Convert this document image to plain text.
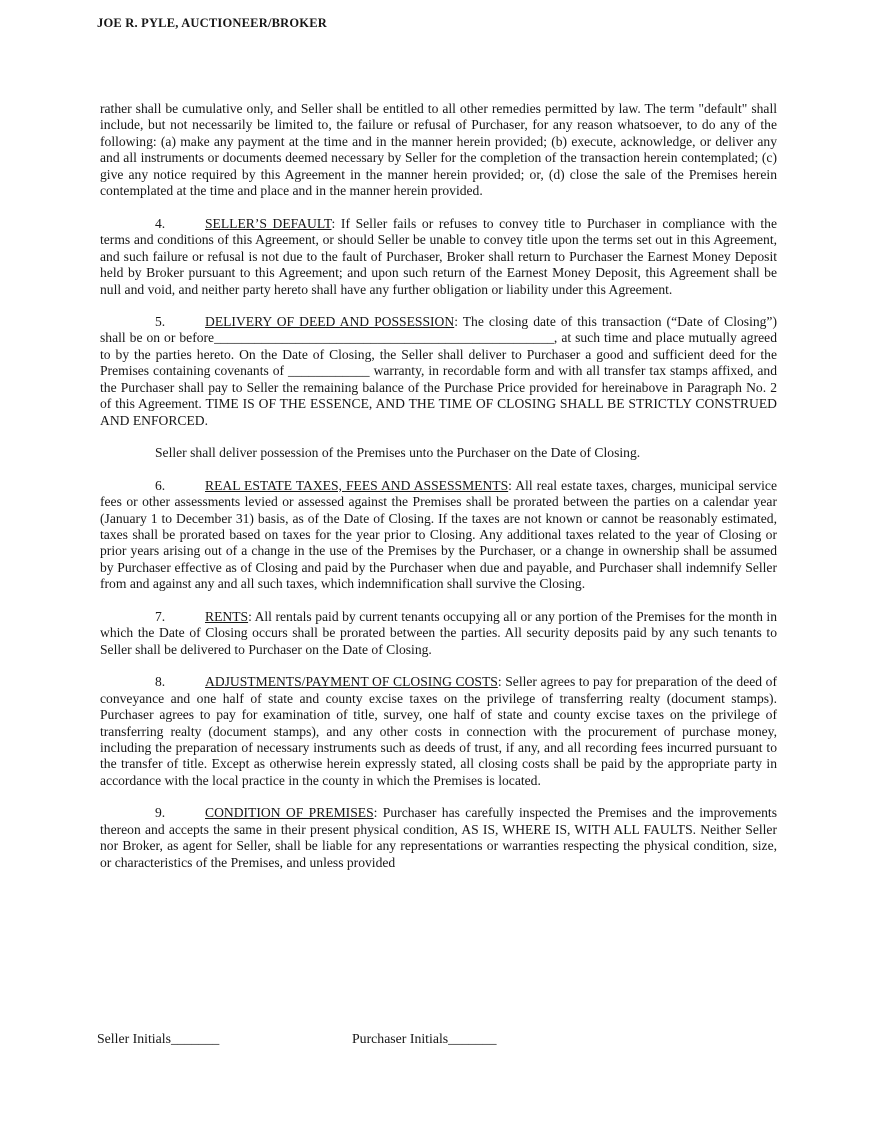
JOE R. PYLE, AUCTIONEER/BROKER

rather shall be cumulative only, and Seller shall be entitled to all other remedies permitted by law. The term "default" shall include, but not necessarily be limited to, the failure or refusal of Purchaser, for any reason whatsoever, to do any of the following: (a) make any payment at the time and in the manner herein provided; (b) execute, acknowledge, or deliver any and all instruments or documents deemed necessary by Seller for the completion of the transaction herein contemplated; (c) give any notice required by this Agreement in the manner herein provided; or, (d) close the sale of the Premises herein contemplated at the time and place and in the manner herein provided.

4.	SELLER’S DEFAULT: If Seller fails or refuses to convey title to Purchaser in compliance with the terms and conditions of this Agreement, or should Seller be unable to convey title upon the terms set out in this Agreement, and such failure or refusal is not due to the fault of Purchaser, Broker shall return to Purchaser the Earnest Money Deposit held by Broker pursuant to this Agreement; and upon such return of the Earnest Money Deposit, this Agreement shall be null and void, and neither party hereto shall have any further obligation or liability under this Agreement.

5.	DELIVERY OF DEED AND POSSESSION: The closing date of this transaction (“Date of Closing”) shall be on or before__________________________________________________, at such time and place mutually agreed to by the parties hereto. On the Date of Closing, the Seller shall deliver to Purchaser a good and sufficient deed for the Premises containing covenants of ____________ warranty, in recordable form and with all transfer tax stamps affixed, and the Purchaser shall pay to Seller the remaining balance of the Purchase Price provided for hereinabove in Paragraph No. 2 of this Agreement. TIME IS OF THE ESSENCE, AND THE TIME OF CLOSING SHALL BE STRICTLY CONSTRUED AND ENFORCED.

Seller shall deliver possession of the Premises unto the Purchaser on the Date of Closing.

6.	REAL ESTATE TAXES, FEES AND ASSESSMENTS: All real estate taxes, charges, municipal service fees or other assessments levied or assessed against the Premises shall be prorated between the parties on a calendar year (January 1 to December 31) basis, as of the Date of Closing. If the taxes are not known or cannot be reasonably estimated, taxes shall be prorated based on taxes for the year prior to Closing. Any additional taxes related to the year of Closing or prior years arising out of a change in the use of the Premises by the Purchaser, or a change in ownership shall be assumed by Purchaser effective as of Closing and paid by the Purchaser when due and payable, and Purchaser shall indemnify Seller from and against any and all such taxes, which indemnification shall survive the Closing.

7.	RENTS: All rentals paid by current tenants occupying all or any portion of the Premises for the month in which the Date of Closing occurs shall be prorated between the parties. All security deposits paid by any such tenants to Seller shall be delivered to Purchaser on the Date of Closing.

8.	ADJUSTMENTS/PAYMENT OF CLOSING COSTS: Seller agrees to pay for preparation of the deed of conveyance and one half of state and county excise taxes on the privilege of transferring realty (document stamps). Purchaser agrees to pay for examination of title, survey, one half of state and county excise taxes on the privilege of transferring realty (document stamps), and any other costs in connection with the procurement of purchase money, including the preparation of necessary instruments such as deeds of trust, if any, and all recording fees incurred pursuant to the transfer of title. Except as otherwise herein expressly stated, all closing costs shall be paid by the appropriate party in accordance with the local practice in the county in which the Premises is located.

9.	CONDITION OF PREMISES: Purchaser has carefully inspected the Premises and the improvements thereon and accepts the same in their present physical condition, AS IS, WHERE IS, WITH ALL FAULTS. Neither Seller nor Broker, as agent for Seller, shall be liable for any representations or warranties respecting the physical condition, size, or characteristics of the Premises, and unless provided

Seller Initials_______	Purchaser Initials_______
